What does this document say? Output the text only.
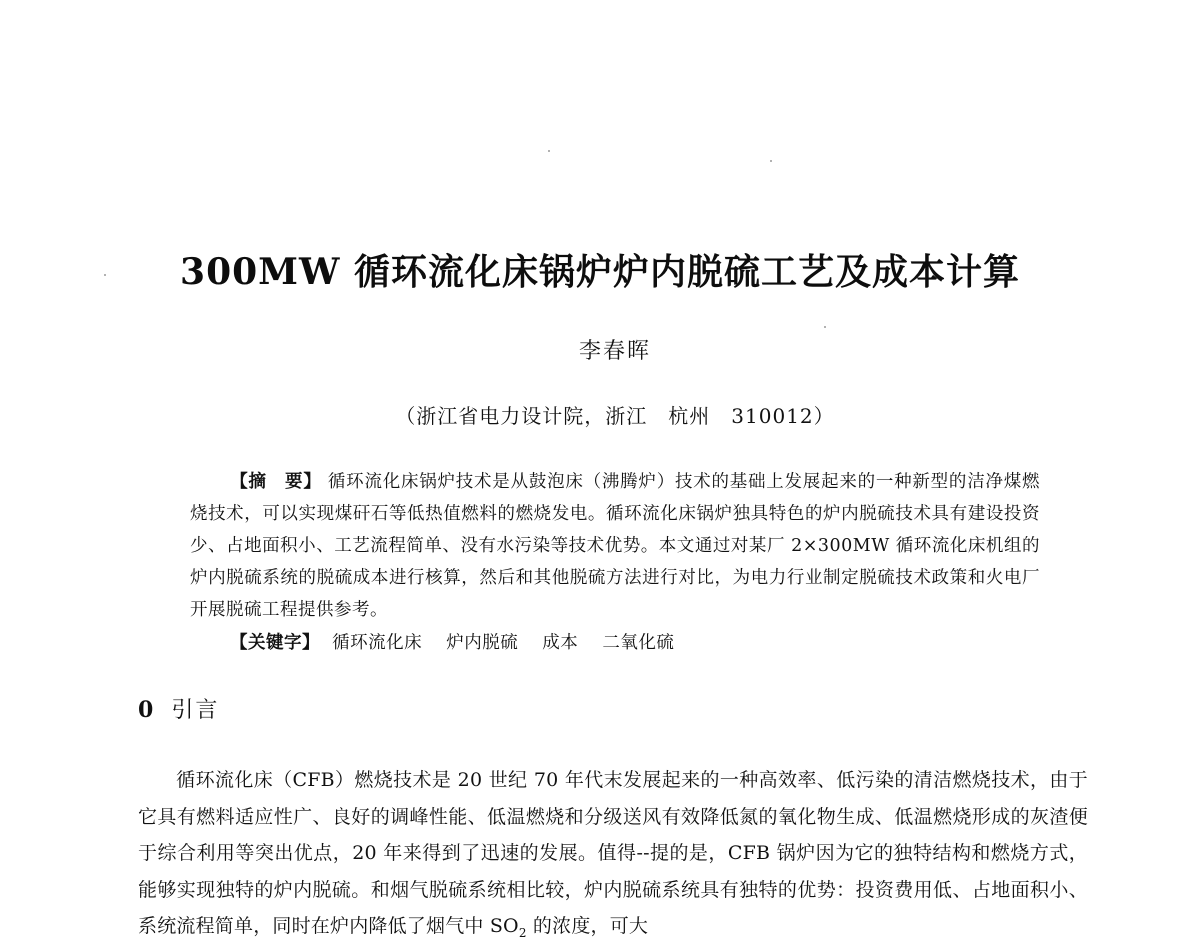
300MW 循环流化床锅炉炉内脱硫工艺及成本计算
李春晖
（浙江省电力设计院，浙江　杭州　310012）
【摘　要】 循环流化床锅炉技术是从鼓泡床（沸腾炉）技术的基础上发展起来的一种新型的洁净煤燃烧技术，可以实现煤矸石等低热值燃料的燃烧发电。循环流化床锅炉独具特色的炉内脱硫技术具有建设投资少、占地面积小、工艺流程简单、没有水污染等技术优势。本文通过对某厂 2×300MW 循环流化床机组的炉内脱硫系统的脱硫成本进行核算，然后和其他脱硫方法进行对比，为电力行业制定脱硫技术政策和火电厂开展脱硫工程提供参考。
【关键字】 循环流化床 炉内脱硫 成本 二氧化硫
0 引言
循环流化床（CFB）燃烧技术是 20 世纪 70 年代末发展起来的一种高效率、低污染的清洁燃烧技术，由于它具有燃料适应性广、良好的调峰性能、低温燃烧和分级送风有效降低氮的氧化物生成、低温燃烧形成的灰渣便于综合利用等突出优点，20 年来得到了迅速的发展。值得--提的是，CFB 锅炉因为它的独特结构和燃烧方式，能够实现独特的炉内脱硫。和烟气脱硫系统相比较，炉内脱硫系统具有独特的优势：投资费用低、占地面积小、系统流程简单，同时在炉内降低了烟气中 $SO_2$ 的浓度，可大
